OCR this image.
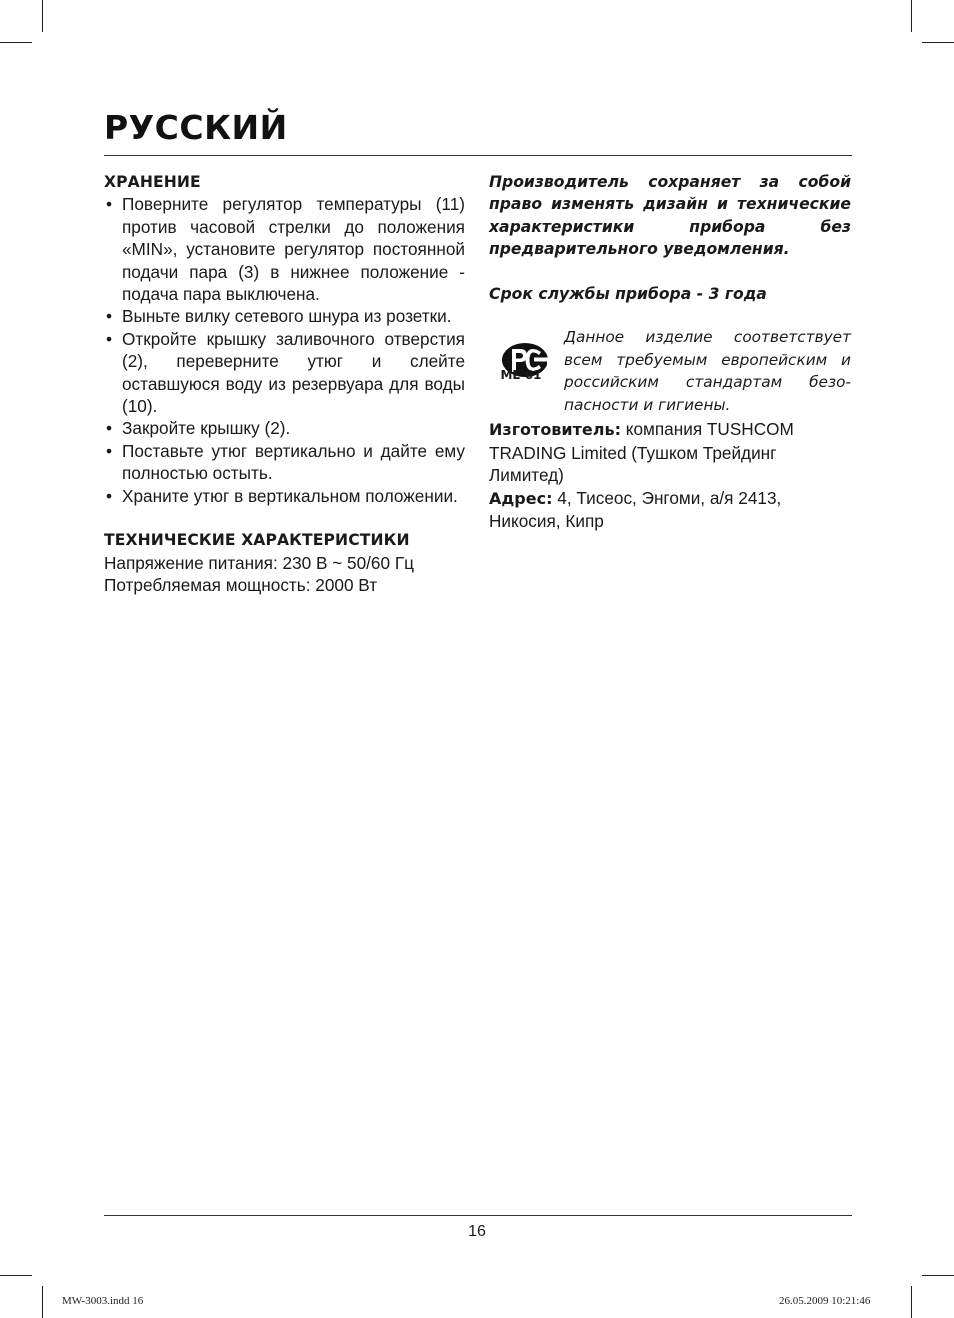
РУССКИЙ
ХРАНЕНИЕ
• Поверните регулятор температуры (11) против часовой стрелки до положения «MIN», установите регулятор постоянной подачи пара (3) в нижнее положение - подача пара выключена.
• Выньте вилку сетевого шнура из розетки.
• Откройте крышку заливочного отверстия (2), переверните утюг и слейте оставшуюся воду из резервуара для воды (10).
• Закройте крышку (2).
• Поставьте утюг вертикально и дайте ему полностью остыть.
• Храните утюг в вертикальном положении.
ТЕХНИЧЕСКИЕ ХАРАКТЕРИСТИКИ

Напряжение питания: 230 В ~ 50/60 Гц

Потребляемая мощность: 2000 Вт

Производитель сохраняет за собой право изменять дизайн и технические характеристики прибора без предварительного уведомления.

Срок службы прибора - 3 года

МЕ 61
Данное изделие соответствует всем требуемым европейским и российским стандартам безопасности и гигиены.

Изготовитель: компания TUSHCOM TRADING Limited (Тушком Трейдинг Лимитед)

Адрес: 4, Тисеос, Энгоми, а/я 2413, Никосия, Кипр

16
MW-3003.indd 16	26.05.2009 10:21:46
